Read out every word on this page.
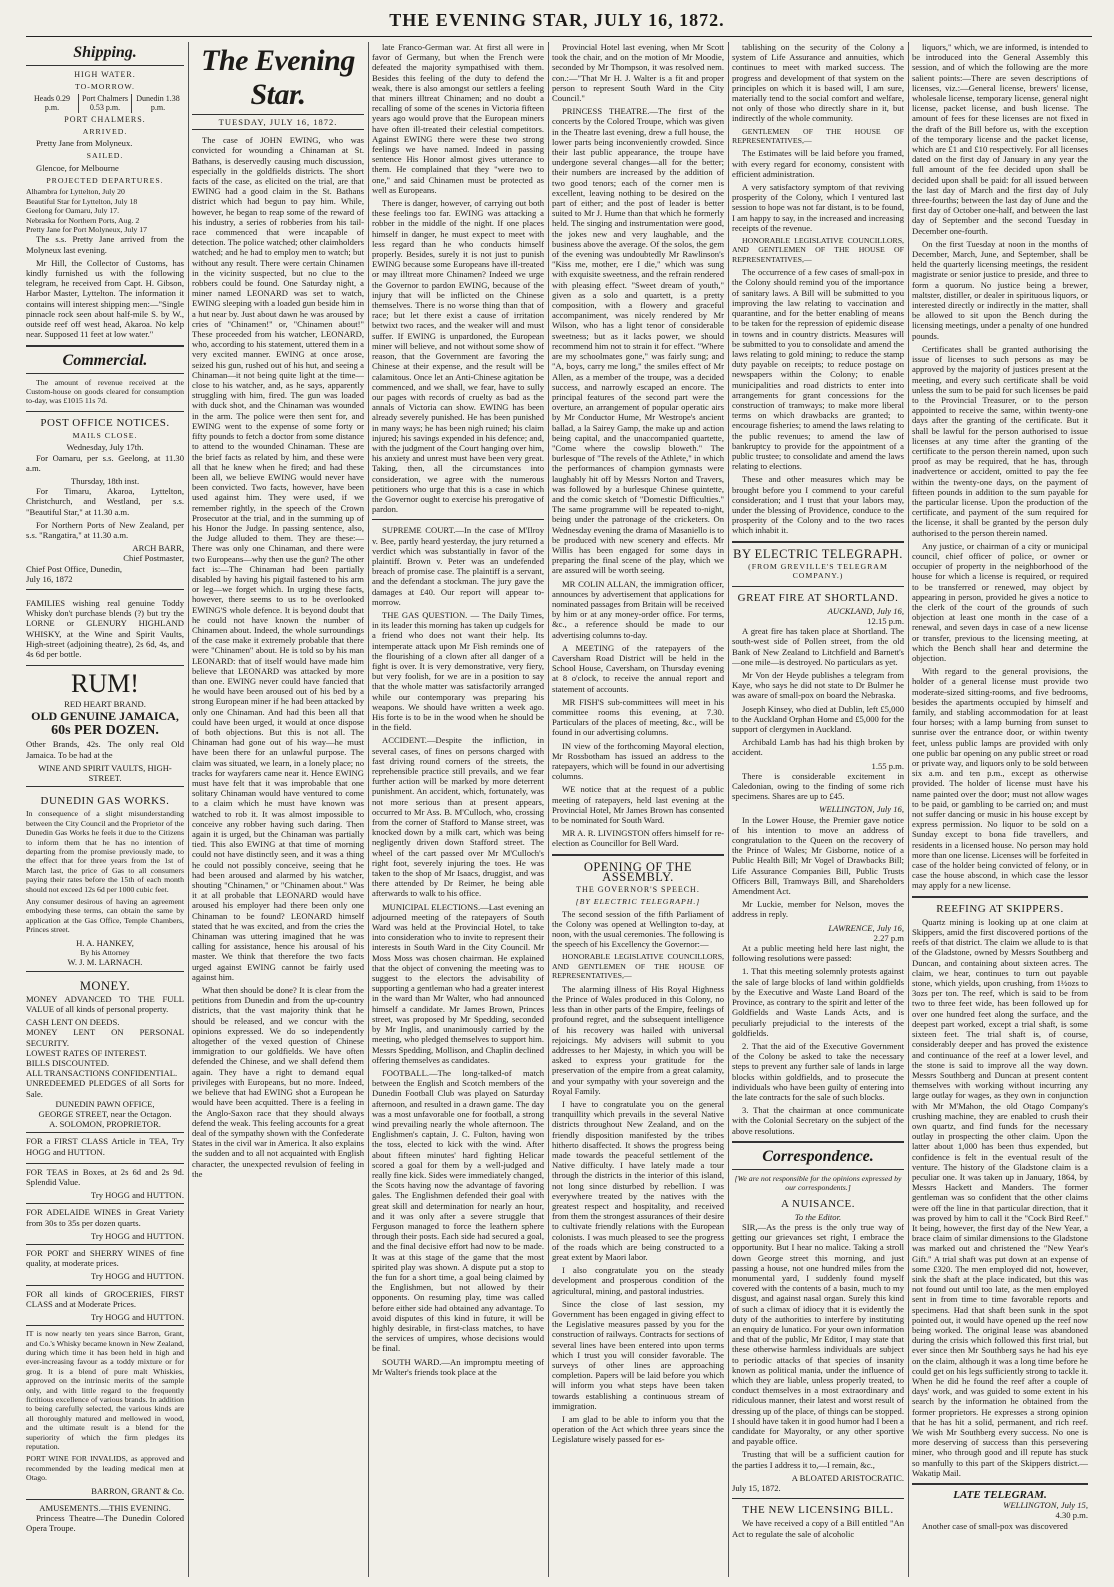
THE EVENING STAR, JULY 16, 1872.
Shipping.
HIGH WATER.
TO-MORROW.
Heads 0.29 p.m.
Port Chalmers 0.53 p.m.
Dunedin 1.38 p.m.
PORT CHALMERS.
ARRIVED.

Pretty Jane from Molyneux.

SAILED.

Glencoe, for Melbourne

PROJECTED DEPARTURES.
Alhambra for Lyttelton, July 20
Beautiful Star for Lyttelton, July 18
Geelong for Oamaru, July 17.
Nebraska for Northern Ports, Aug. 2
Pretty Jane for Port Molyneux, July 17

The s.s. Pretty Jane arrived from the Molyneux last evening.

Mr Hill, the Collector of Customs, has kindly furnished us with the following telegram, he received from Capt. H. Gibson, Harbor Master, Lyttelton. The information it contains will interest shipping men:—"Single pinnacle rock seen about half-mile S. by W., outside reef off west head, Akaroa. No kelp near. Supposed 11 feet at low water."

Commercial.

The amount of revenue received at the Custom-house on goods cleared for consumption to-day, was £1015 11s 7d.

POST OFFICE NOTICES.
MAILS CLOSE.
Wednesday, July 17th.

For Oamaru, per s.s. Geelong, at 11.30 a.m.

Thursday, 18th inst.

For Timaru, Akaroa, Lyttelton, Christchurch, and Westland, per s.s. "Beautiful Star," at 11.30 a.m.

For Northern Ports of New Zealand, per s.s. "Rangatira," at 11.30 a.m.

ARCH BARR,
Chief Postmaster,
Chief Post Office, Dunedin,
July 16, 1872

FAMILIES wishing real genuine Toddy Whisky don't purchase blends (?) but try the LORNE or GLENURY HIGHLAND WHISKY, at the Wine and Spirit Vaults, High-street (adjoining theatre), 2s 6d, 4s, and 4s 6d per bottle.

RUM!
RED HEART BRAND.
OLD GENUINE JAMAICA,
60s PER DOZEN.

Other Brands, 42s. The only real Old Jamaica. To be had at the

WINE AND SPIRIT VAULTS, HIGH-STREET.
DUNEDIN GAS WORKS.

In consequence of a slight misunderstanding between the City Council and the Proprietor of the Dunedin Gas Works he feels it due to the Citizens to inform them that he has no intention of departing from the promise previously made, to the effect that for three years from the 1st of March last, the price of Gas to all consumers paying their rates before the 15th of each month should not exceed 12s 6d per 1000 cubic feet.

Any consumer desirous of having an agreement embodying these terms, can obtain the same by application at the Gas Office, Temple Chambers, Princes street.

H. A. HANKEY,
By his Attorney
W. J. M. LARNACH.
MONEY.

MONEY ADVANCED TO THE FULL VALUE of all kinds of personal property.

CASH LENT ON DEEDS.
MONEY LENT ON PERSONAL SECURITY.
LOWEST RATES OF INTEREST.
BILLS DISCOUNTED.
ALL TRANSACTIONS CONFIDENTIAL.
UNREDEEMED PLEDGES of all Sorts for Sale.
DUNEDIN PAWN OFFICE,
GEORGE STREET, near the Octagon.
A. SOLOMON, PROPRIETOR.

FOR a FIRST CLASS Article in TEA, Try HOGG and HUTTON.

FOR TEAS in Boxes, at 2s 6d and 2s 9d. Splendid Value.

Try HOGG and HUTTON.

FOR ADELAIDE WINES in Great Variety from 30s to 35s per dozen quarts.

Try HOGG and HUTTON.

FOR PORT and SHERRY WINES of fine quality, at moderate prices.

Try HOGG and HUTTON.

FOR all kinds of GROCERIES, FIRST CLASS and at Moderate Prices.

Try HOGG and HUTTON.

IT is now nearly ten years since Barron, Grant, and Co.'s Whisky became known in New Zealand, during which time it has been held in high and ever-increasing favour as a toddy mixture or for grog. It is a blend of pure malt Whiskies, approved on the intrinsic merits of the sample only, and with little regard to the frequently fictitious excellence of various brands. In addition to being carefully selected, the various kinds are all thoroughly matured and mellowed in wood, and the ultimate result is a blend for the superiority of which the firm pledges its reputation.

PORT WINE FOR INVALIDS, as approved and recommended by the leading medical men at Otago.

BARRON, GRANT & Co.
AMUSEMENTS.—THIS EVENING.

Princess Theatre—The Dunedin Colored Opera Troupe.

The Evening Star.
TUESDAY, JULY 16, 1872.

The case of JOHN EWING, who was convicted for wounding a Chinaman at St. Bathans, is deservedly causing much discussion, especially in the goldfields districts. The short facts of the case, as elicited on the trial, are that EWING had a good claim in the St. Bathans district which had begun to pay him. While, however, he began to reap some of the reward of his industry, a series of robberies from his tail-race commenced that were incapable of detection. The police watched; other claimholders watched; and he had to employ men to watch; but without any result. There were certain Chinamen in the vicinity suspected, but no clue to the robbers could be found. One Saturday night, a miner named LEONARD was set to watch, EWING sleeping with a loaded gun beside him in a hut near by. Just about dawn he was aroused by cries of "Chinamen!" or, "Chinamen about!" These proceeded from his watcher, LEONARD, who, according to his statement, uttered them in a very excited manner. EWING at once arose, seized his gun, rushed out of his hut, and seeing a Chinaman—it not being quite light at the time—close to his watcher, and, as he says, apparently struggling with him, fired. The gun was loaded with duck shot, and the Chinaman was wounded in the arm. The police were then sent for, and EWING went to the expense of some forty or fifty pounds to fetch a doctor from some distance to attend to the wounded Chinaman. These are the brief facts as related by him, and these were all that he knew when he fired; and had these been all, we believe EWING would never have been convicted. Two facts, however, have been used against him. They were used, if we remember rightly, in the speech of the Crown Prosecutor at the trial, and in the summing up of his Honor the Judge. In passing sentence, also, the Judge alluded to them. They are these:—There was only one Chinaman, and there were two Europeans—why then use the gun? The other fact is:—The Chinaman had been partially disabled by having his pigtail fastened to his arm or leg—we forget which. In urging these facts, however, there seems to us to be overlooked EWING'S whole defence. It is beyond doubt that he could not have known the number of Chinamen about. Indeed, the whole surroundings of the case make it extremely probable that there were "Chinamen" about. He is told so by his man LEONARD: that of itself would have made him believe that LEONARD was attacked by more than one. EWING never could have fancied that he would have been aroused out of his bed by a strong European miner if he had been attacked by only one Chinaman. And had this been all that could have been urged, it would at once dispose of both objections. But this is not all. The Chinaman had gone out of his way—he must have been there for an unlawful purpose. The claim was situated, we learn, in a lonely place; no tracks for wayfarers came near it. Hence EWING must have felt that it was improbable that one solitary Chinaman would have ventured to come to a claim which he must have known was watched to rob it. It was almost impossible to conceive any robber having such daring. Then again it is urged, but the Chinaman was partially tied. This also EWING at that time of morning could not have distinctly seen, and it was a thing he could not possibly conceive, seeing that he had been aroused and alarmed by his watcher, shouting "Chinamen," or "Chinamen about." Was it at all probable that LEONARD would have aroused his employer had there been only one Chinaman to be found? LEONARD himself stated that he was excited, and from the cries the Chinaman was uttering imagined that he was calling for assistance, hence his arousal of his master. We think that therefore the two facts urged against EWING cannot be fairly used against him.

What then should be done? It is clear from the petitions from Dunedin and from the up-country districts, that the vast majority think that he should be released, and we concur with the opinions expressed. We do so independently altogether of the vexed question of Chinese immigration to our goldfields. We have often defended the Chinese, and we shall defend them again. They have a right to demand equal privileges with Europeans, but no more. Indeed, we believe that had EWING shot a European he would have been acquitted. There is a feeling in the Anglo-Saxon race that they should always defend the weak. This feeling accounts for a great deal of the sympathy shown with the Confederate States in the civil war in America. It also explains the sudden and to all not acquainted with English character, the unexpected revulsion of feeling in the

late Franco-German war. At first all were in favor of Germany, but when the French were defeated the majority sympathised with them. Besides this feeling of the duty to defend the weak, there is also amongst our settlers a feeling that miners illtreat Chinamen; and no doubt a recalling of some of the scenes in Victoria fifteen years ago would prove that the European miners have often ill-treated their celestial competitors. Against EWING there were these two strong feelings we have named. Indeed in passing sentence His Honor almost gives utterance to them. He complained that they "were two to one," and said Chinamen must be protected as well as Europeans.

There is danger, however, of carrying out both these feelings too far. EWING was attacking a robber in the middle of the night. If one places himself in danger, he must expect to meet with less regard than he who conducts himself properly. Besides, surely it is not just to punish EWING because some Europeans have ill-treated or may illtreat more Chinamen? Indeed we urge the Governor to pardon EWING, because of the injury that will be inflicted on the Chinese themselves. There is no worse thing than that of race; but let there exist a cause of irritation betwixt two races, and the weaker will and must suffer. If EWING is unpardoned, the European miner will believe, and not without some show of reason, that the Government are favoring the Chinese at their expense, and the result will be calamitous. Once let an Anti-Chinese agitation be commenced, and we shall, we fear, have to sully our pages with records of cruelty as bad as the annals of Victoria can show. EWING has been already severely punished. He has been punished in many ways; he has been nigh ruined; his claim injured; his savings expended in his defence; and, with the judgment of the Court hanging over him, his anxiety and unrest must have been very great. Taking, then, all the circumstances into consideration, we agree with the numerous petitioners who urge that this is a case in which the Governor ought to exercise his prerogative of pardon.

SUPREME COURT.—In the case of M'Ilroy v. Bee, partly heard yesterday, the jury returned a verdict which was substantially in favor of the plaintiff. Brown v. Peter was an undefended breach of promise case. The plaintiff is a servant, and the defendant a stockman. The jury gave the damages at £40. Our report will appear to-morrow.

THE GAS QUESTION. — The Daily Times, in its leader this morning has taken up cudgels for a friend who does not want their help. Its intemperate attack upon Mr Fish reminds one of the flourishing of a clown after all danger of a fight is over. It is very demonstrative, very fiery, but very foolish, for we are in a position to say that the whole matter was satisfactorily arranged while our contemporary was preparing his weapons. We should have written a week ago. His forte is to be in the wood when he should be in the field.

ACCIDENT.—Despite the infliction, in several cases, of fines on persons charged with fast driving round corners of the streets, the reprehensible practice still prevails, and we fear further action will be marked by more deterrent punishment. An accident, which, fortunately, was not more serious than at present appears, occurred to Mr Ass. B. M'Culloch, who, crossing from the corner of Stafford to Manse street, was knocked down by a milk cart, which was being negligently driven down Stafford street. The wheel of the cart passed over Mr M'Culloch's right foot, severely injuring the toes. He was taken to the shop of Mr Isaacs, druggist, and was there attended by Dr Reimer, he being able afterwards to walk to his office.

MUNICIPAL ELECTIONS.—Last evening an adjourned meeting of the ratepayers of South Ward was held at the Provincial Hotel, to take into consideration who to invite to represent their interests in South Ward in the City Council. Mr Moss Moss was chosen chairman. He explained that the object of convening the meeting was to suggest to the electors the advisability of supporting a gentleman who had a greater interest in the ward than Mr Walter, who had announced himself a candidate. Mr James Brown, Princes street, was proposed by Mr Spedding, seconded by Mr Inglis, and unanimously carried by the meeting, who pledged themselves to support him. Messrs Spedding, Mollison, and Chaplin declined offering themselves as candidates.

FOOTBALL.—The long-talked-of match between the English and Scotch members of the Dunedin Football Club was played on Saturday afternoon, and resulted in a drawn game. The day was a most unfavorable one for football, a strong wind prevailing nearly the whole afternoon. The Englishmen's captain, J. C. Fulton, having won the toss, elected to kick with the wind. After about fifteen minutes' hard fighting Helicar scored a goal for them by a well-judged and really fine kick. Sides were immediately changed, the Scots having now the advantage of favoring gales. The Englishmen defended their goal with great skill and determination for nearly an hour, and it was only after a severe struggle that Ferguson managed to force the leathern sphere through their posts. Each side had secured a goal, and the final decisive effort had now to be made. It was at this stage of the game that the most spirited play was shown. A dispute put a stop to the fun for a short time, a goal being claimed by the Englishmen, but not allowed by their opponents. On resuming play, time was called before either side had obtained any advantage. To avoid disputes of this kind in future, it will be highly desirable, in first-class matches, to have the services of umpires, whose decisions would be final.

SOUTH WARD.—An impromptu meeting of Mr Walter's friends took place at the

Provincial Hotel last evening, when Mr Scott took the chair, and on the motion of Mr Moodie, seconded by Mr Thompson, it was resolved nem. con.:—"That Mr H. J. Walter is a fit and proper person to represent South Ward in the City Council."

PRINCESS THEATRE.—The first of the concerts by the Colored Troupe, which was given in the Theatre last evening, drew a full house, the lower parts being inconveniently crowded. Since their last public appearance, the troupe have undergone several changes—all for the better; their numbers are increased by the addition of two good tenors; each of the corner men is excellent, leaving nothing to be desired on the part of either; and the post of leader is better suited to Mr J. Hume than that which he formerly held. The singing and instrumentation were good, the jokes new and very laughable, and the business above the average. Of the solos, the gem of the evening was undoubtedly Mr Rawlinson's "Kiss me, mother, ere I die," which was sung with exquisite sweetness, and the refrain rendered with pleasing effect. "Sweet dream of youth," given as a solo and quartett, is a pretty composition, with a flowery and graceful accompaniment, was nicely rendered by Mr Wilson, who has a light tenor of considerable sweetness; but as it lacks power, we should recommend him not to strain it for effect. "Where are my schoolmates gone," was fairly sung; and "A, boys, carry me long," the smiles effect of Mr Allen, as a member of the troupe, was a decided success, and narrowly escaped an encore. The principal features of the second part were the overture, an arrangement of popular operatic airs by Mr Conductor Hume, Mr Westrope's ancient ballad, a la Sairey Gamp, the make up and action being capital, and the unaccompanied quartette, "Come where the cowslip bloweth." The burlesque of "The revels of the Athlete," in which the performances of champion gymnasts were laughably hit off by Messrs Norton and Travers, was followed by a burlesque Chinese quintette, and the comic sketch of "Domestic Difficulties." The same programme will be repeated to-night, being under the patronage of the cricketers. On Wednesday evening the drama of Masaniello is to be produced with new scenery and effects. Mr Willis has been engaged for some days in preparing the final scene of the play, which we are assured will be worth seeing.

MR COLIN ALLAN, the immigration officer, announces by advertisement that applications for nominated passages from Britain will be received by him or at any money-order office. For terms, &c., a reference should be made to our advertising columns to-day.

A MEETING of the ratepayers of the Caversham Road District will be held in the School House, Caversham, on Thursday evening at 8 o'clock, to receive the annual report and statement of accounts.

MR FISH'S sub-committees will meet in his committee rooms this evening, at 7.30. Particulars of the places of meeting, &c., will be found in our advertising columns.

IN view of the forthcoming Mayoral election, Mr Rossbotham has issued an address to the ratepayers, which will be found in our advertising columns.

WE notice that at the request of a public meeting of ratepayers, held last evening at the Provincial Hotel, Mr James Brown has consented to be nominated for South Ward.

MR A. R. LIVINGSTON offers himself for re-election as Councillor for Bell Ward.

OPENING OF THE ASSEMBLY.
THE GOVERNOR'S SPEECH.
[BY ELECTRIC TELEGRAPH.]

The second session of the fifth Parliament of the Colony was opened at Wellington to-day, at noon, with the usual ceremonies. The following is the speech of his Excellency the Governor:—

HONORABLE LEGISLATIVE COUNCILLORS, AND GENTLEMEN OF THE HOUSE OF REPRESENTATIVES,—

The alarming illness of His Royal Highness the Prince of Wales produced in this Colony, no less than in other parts of the Empire, feelings of profound regret, and the subsequent intelligence of his recovery was hailed with universal rejoicings. My advisers will submit to you addresses to her Majesty, in which you will be asked to express your gratitude for the preservation of the empire from a great calamity, and your sympathy with your sovereign and the Royal Family.

I have to congratulate you on the general tranquillity which prevails in the several Native districts throughout New Zealand, and on the friendly disposition manifested by the tribes hitherto disaffected. It shows the progress being made towards the peaceful settlement of the Native difficulty. I have lately made a tour through the districts in the interior of this island, not long since disturbed by rebellion. I was everywhere treated by the natives with the greatest respect and hospitality, and received from them the strongest assurances of their desire to cultivate friendly relations with the European colonists. I was much pleased to see the progress of the roads which are being constructed to a great extent by Maori labor.

I also congratulate you on the steady development and prosperous condition of the agricultural, mining, and pastoral industries.

Since the close of last session, my Government has been engaged in giving effect to the Legislative measures passed by you for the construction of railways. Contracts for sections of several lines have been entered into upon terms which I trust you will consider favorable. The surveys of other lines are approaching completion. Papers will be laid before you which will inform you what steps have been taken towards establishing a continuous stream of immigration.

I am glad to be able to inform you that the operation of the Act which three years since the Legislature wisely passed for es-

tablishing on the security of the Colony a system of Life Assurance and annuities, which continues to meet with marked success. The progress and development of that system on the principles on which it is based will, I am sure, materially tend to the social comfort and welfare, not only of those who directly share in it, but indirectly of the whole community.

GENTLEMEN OF THE HOUSE OF REPRESENTATIVES,—

The Estimates will be laid before you framed, with every regard for economy, consistent with efficient administration.

A very satisfactory symptom of that reviving prosperity of the Colony, which I ventured last session to hope was not far distant, is to be found, I am happy to say, in the increased and increasing receipts of the revenue.

HONORABLE LEGISLATIVE COUNCILLORS, AND GENTLEMEN OF THE HOUSE OF REPRESENTATIVES,—

The occurrence of a few cases of small-pox in the Colony should remind you of the importance of sanitary laws. A Bill will be submitted to you improving the law relating to vaccination and quarantine, and for the better enabling of means to be taken for the repression of epidemic disease in towns and in country districts. Measures will be submitted to you to consolidate and amend the laws relating to gold mining; to reduce the stamp duty payable on receipts; to reduce postage on newspapers within the Colony; to enable municipalities and road districts to enter into arrangements for grant concessions for the construction of tramways; to make more liberal terms on which drawbacks are granted; to encourage fisheries; to amend the laws relating to the public revenues; to amend the law of bankruptcy to provide for the appointment of a public trustee; to consolidate and amend the laws relating to elections.

These and other measures which may be brought before you I commend to your careful consideration; and I trust that your labors may, under the blessing of Providence, conduce to the prosperity of the Colony and to the two races which inhabit it.

BY ELECTRIC TELEGRAPH.
(FROM GREVILLE'S TELEGRAM COMPANY.)
GREAT FIRE AT SHORTLAND.
AUCKLAND, July 16,
12.15 p.m.

A great fire has taken place at Shortland. The south-west side of Pollen street, from the old Bank of New Zealand to Litchfield and Barnett's—one mile—is destroyed. No particulars as yet.

Mr Von der Heyde publishes a telegram from Kaye, who says he did not state to Dr Bulmer he was aware of small-pox on board the Nebraska.

Joseph Kinsey, who died at Dublin, left £5,000 to the Auckland Orphan Home and £5,000 for the support of clergymen in Auckland.

Archibald Lamb has had his thigh broken by accident.

1.55 p.m.

There is considerable excitement in Caledonian, owing to the finding of some rich specimens. Shares are up to £45.

WELLINGTON, July 16,

In the Lower House, the Premier gave notice of his intention to move an address of congratulation to the Queen on the recovery of the Prince of Wales; Mr Gisborne, notice of a Public Health Bill; Mr Vogel of Drawbacks Bill; Life Assurance Companies Bill, Public Trusts Officers Bill, Tramways Bill, and Shareholders Amendment Act.

Mr Luckie, member for Nelson, moves the address in reply.

LAWRENCE, July 16,
2.27 p.m

At a public meeting held here last night, the following resolutions were passed:

1. That this meeting solemnly protests against the sale of large blocks of land within goldfields by the Executive and Waste Land Board of the Province, as contrary to the spirit and letter of the Goldfields and Waste Lands Acts, and is peculiarly prejudicial to the interests of the goldfields.

2. That the aid of the Executive Government of the Colony be asked to take the necessary steps to prevent any further sale of lands in large blocks within goldfields, and to prosecute the individuals who have been guilty of entering into the late contracts for the sale of such blocks.

3. That the chairman at once communicate with the Colonial Secretary on the subject of the above resolutions.

Correspondence.
[We are not responsible for the opinions expressed by our correspondents.]
A NUISANCE.
To the Editor.

SIR,—As the press is the only true way of getting our grievances set right, I embrace the opportunity. But I hear no malice. Taking a stroll down George street this morning, and just passing a house, not one hundred miles from the monumental yard, I suddenly found myself covered with the contents of a basin, much to my disgust, and against nasal organ. Surely this kind of such a climax of idiocy that it is evidently the duty of the authorities to interfere by instituting an enquiry de lunatico. For your own information and that of the public, Mr Editor, I may state that these otherwise harmless individuals are subject to periodic attacks of that species of insanity known as political mania, under the influence of which they are liable, unless properly treated, to conduct themselves in a most extraordinary and ridiculous manner, their latest and worst result of dressing up of the place, of things can be stopped. I should have taken it in good humor had I been a candidate for Mayoralty, or any other sportive and payable office.

Trusting that will be a sufficient caution for the parties I address it to,—I remain, &c.,

A BLOATED ARISTOCRATIC.
July 15, 1872.
THE NEW LICENSING BILL.

We have received a copy of a Bill entitled "An Act to regulate the sale of alcoholic

liquors," which, we are informed, is intended to be introduced into the General Assembly this session, and of which the following are the more salient points:—There are seven descriptions of licenses, viz.:—General license, brewers' license, wholesale license, temporary license, general night license, packet license, and bush license. The amount of fees for these licenses are not fixed in the draft of the Bill before us, with the exception of the temporary license and the packet license, which are £1 and £10 respectively. For all licenses dated on the first day of January in any year the full amount of the fee decided upon shall be decided upon shall be paid: for all issued between the last day of March and the first day of July three-fourths; between the last day of June and the first day of October one-half, and between the last day of September and the second Tuesday in December one-fourth.

On the first Tuesday at noon in the months of December, March, June, and September, shall be held the quarterly licensing meetings, the resident magistrate or senior justice to preside, and three to form a quorum. No justice being a brewer, maltster, distiller, or dealer in spirituous liquors, or interested directly or indirectly in the matter, shall be allowed to sit upon the Bench during the licensing meetings, under a penalty of one hundred pounds.

Certificates shall be granted authorising the issue of licenses to such persons as may be approved by the majority of justices present at the meeting, and every such certificate shall be void unless the sum to be paid for such licenses be paid to the Provincial Treasurer, or to the person appointed to receive the same, within twenty-one days after the granting of the certificate. But it shall be lawful for the person authorised to issue licenses at any time after the granting of the certificate to the person therein named, upon such proof as may be required, that he has, through inadvertence or accident, omitted to pay the fee within the twenty-one days, on the payment of fifteen pounds in addition to the sum payable for the particular license. Upon the production of the certificate, and payment of the sum required for the license, it shall be granted by the person duly authorised to the person therein named.

Any justice, or chairman of a city or municipal council, chief officer of police, or owner or occupier of property in the neighborhood of the house for which a license is required, or required to be transferred or renewed, may object by appearing in person, provided he gives a notice to the clerk of the court of the grounds of such objection at least one month in the case of a renewal, and seven days in case of a new license or transfer, previous to the licensing meeting, at which the Bench shall hear and determine the objection.

With regard to the general provisions, the holder of a general license must provide two moderate-sized sitting-rooms, and five bedrooms, besides the apartments occupied by himself and family, and stabling accommodation for at least four horses; with a lamp burning from sunset to sunrise over the entrance door, or within twenty feet, unless public lamps are provided with only one public bar opening on any public street or road or private way, and liquors only to be sold between six a.m. and ten p.m., except as otherwise provided. The holder of license must have his name painted over the door; must not allow wages to be paid, or gambling to be carried on; and must not suffer dancing or music in his house except by express permission. No liquor to be sold on a Sunday except to bona fide travellers, and residents in a licensed house. No person may hold more than one license. Licenses will be forfeited in case of the holder being convicted of felony, or in case the house abscond, in which case the lessor may apply for a new license.

REEFING AT SKIPPERS.

Quartz mining is looking up at one claim at Skippers, amid the first discovered portions of the reefs of that district. The claim we allude to is that of the Gladstone, owned by Messrs Southberg and Duncan, and containing about sixteen acres. The claim, we hear, continues to turn out payable stone, which yields, upon crushing, from 1½ozs to 3ozs per ton. The reef, which is said to be from two to three feet wide, has been followed up for over one hundred feet along the surface, and the deepest part worked, except a trial shaft, is some sixteen feet. The trial shaft is, of course, considerably deeper and has proved the existence and continuance of the reef at a lower level, and the stone is said to improve all the way down. Messrs Southberg and Duncan at present content themselves with working without incurring any large outlay for wages, as they own in conjunction with Mr M'Mahon, the old Otago Company's crushing machine, they are enabled to crush their own quartz, and find funds for the necessary outlay in prospecting the other claim. Upon the latter about 1,000 has been thus expended, but confidence is felt in the eventual result of the venture. The history of the Gladstone claim is a peculiar one. It was taken up in January, 1864, by Messrs Hackett and Manders. The former gentleman was so confident that the other claims were off the line in that particular direction, that it was proved by him to call it the "Cock Bird Reef." It being, however, the first day of the New Year, a brace claim of similar dimensions to the Gladstone was marked out and christened the "New Year's Gift." A trial shaft was put down at an expense of some £320. The men employed did not, however, sink the shaft at the place indicated, but this was not found out until too late, as the men employed sent in from time to time favorable reports and specimens. Had that shaft been sunk in the spot pointed out, it would have opened up the reef now being worked. The original lease was abandoned during the crisis which followed this first trial, but ever since then Mr Southberg says he had his eye on the claim, although it was a long time before he could get on his legs sufficiently strong to tackle it. When he did he found the reef after a couple of days' work, and was guided to some extent in his search by the information he obtained from the former proprietors. He expresses a strong opinion that he has hit a solid, permanent, and rich reef. We wish Mr Southberg every success. No one is more deserving of success than this persevering miner, who through good and ill repute has stuck so manfully to this part of the Skippers district.—Wakatip Mail.

LATE TELEGRAM.
WELLINGTON, July 15,
4.30 p.m.

Another case of small-pox was discovered
